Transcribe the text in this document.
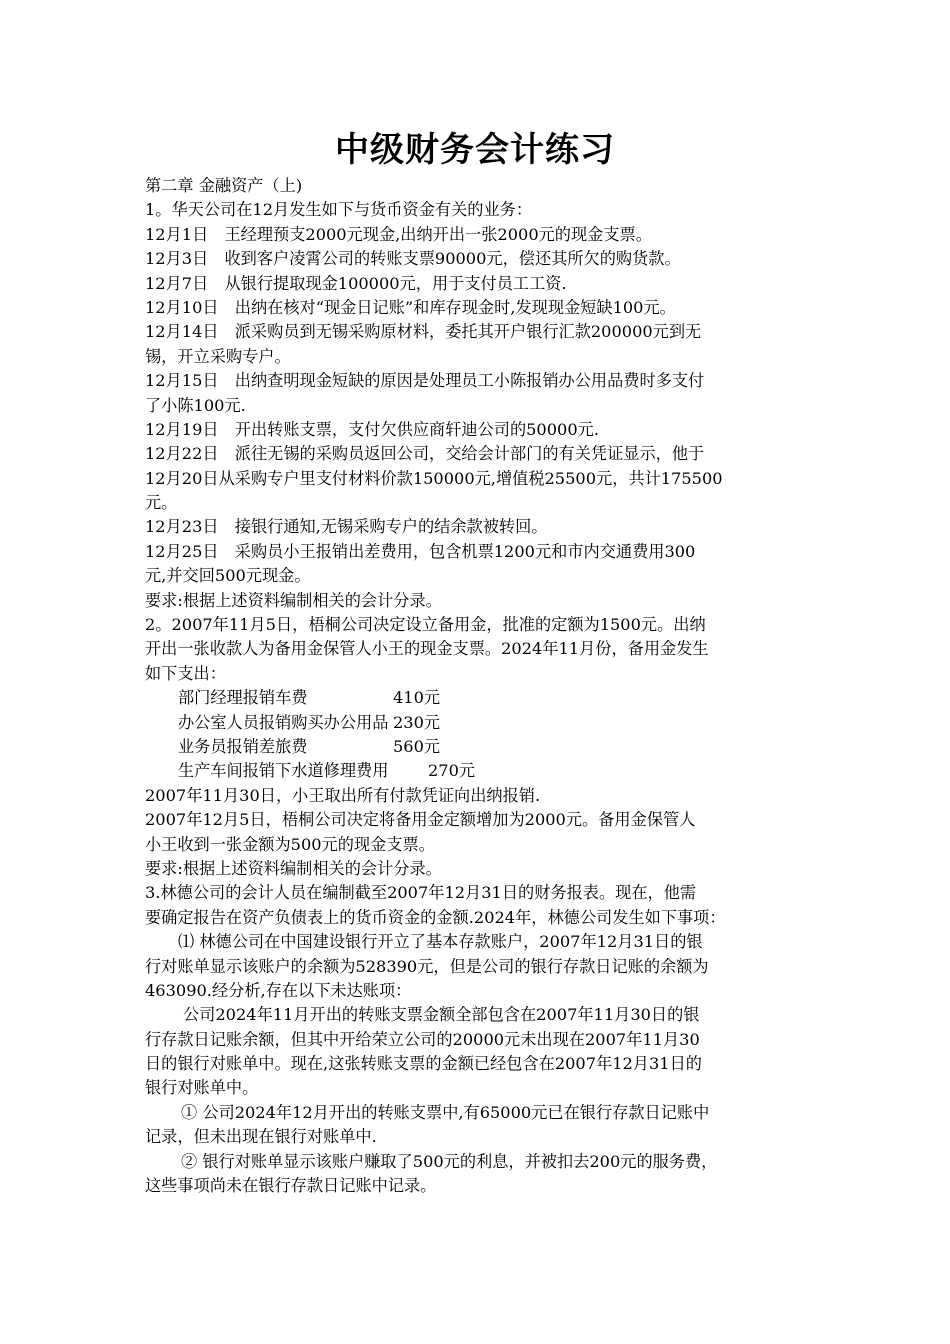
中级财务会计练习
第二章 金融资产（上)
1。华天公司在12月发生如下与货币资金有关的业务：
12月1日　王经理预支2000元现金,出纳开出一张2000元的现金支票。
12月3日　收到客户凌霄公司的转账支票90000元，偿还其所欠的购货款。
12月7日　从银行提取现金100000元，用于支付员工工资.
12月10日　出纳在核对“现金日记账”和库存现金时,发现现金短缺100元。
12月14日　派采购员到无锡采购原材料，委托其开户银行汇款200000元到无
锡，开立采购专户。
12月15日　出纳查明现金短缺的原因是处理员工小陈报销办公用品费时多支付
了小陈100元.
12月19日　开出转账支票，支付欠供应商轩迪公司的50000元.
12月22日　派往无锡的采购员返回公司，交给会计部门的有关凭证显示，他于
12月20日从采购专户里支付材料价款150000元,增值税25500元，共计175500
元。
12月23日　接银行通知,无锡采购专户的结余款被转回。
12月25日　采购员小王报销出差费用，包含机票1200元和市内交通费用300
元,并交回500元现金。
要求:根据上述资料编制相关的会计分录。
2。2007年11月5日，梧桐公司决定设立备用金，批准的定额为1500元。出纳
开出一张收款人为备用金保管人小王的现金支票。2024年11月份，备用金发生
如下支出：
部门经理报销车费	410元
办公室人员报销购买办公用品 230元
业务员报销差旅费	560元
生产车间报销下水道修理费用 270元
2007年11月30日，小王取出所有付款凭证向出纳报销.
2007年12月5日，梧桐公司决定将备用金定额增加为2000元。备用金保管人
小王收到一张金额为500元的现金支票。
要求:根据上述资料编制相关的会计分录。
3.林德公司的会计人员在编制截至2007年12月31日的财务报表。现在，他需
要确定报告在资产负债表上的货币资金的金额.2024年，林德公司发生如下事项：
⑴ 林德公司在中国建设银行开立了基本存款账户，2007年12月31日的银
行对账单显示该账户的余额为528390元，但是公司的银行存款日记账的余额为
463090.经分析,存在以下未达账项：
公司2024年11月开出的转账支票金额全部包含在2007年11月30日的银
行存款日记账余额，但其中开给荣立公司的20000元未出现在2007年11月30
日的银行对账单中。现在,这张转账支票的金额已经包含在2007年12月31日的
银行对账单中。
① 公司2024年12月开出的转账支票中,有65000元已在银行存款日记账中
记录，但未出现在银行对账单中.
② 银行对账单显示该账户赚取了500元的利息，并被扣去200元的服务费，
这些事项尚未在银行存款日记账中记录。
